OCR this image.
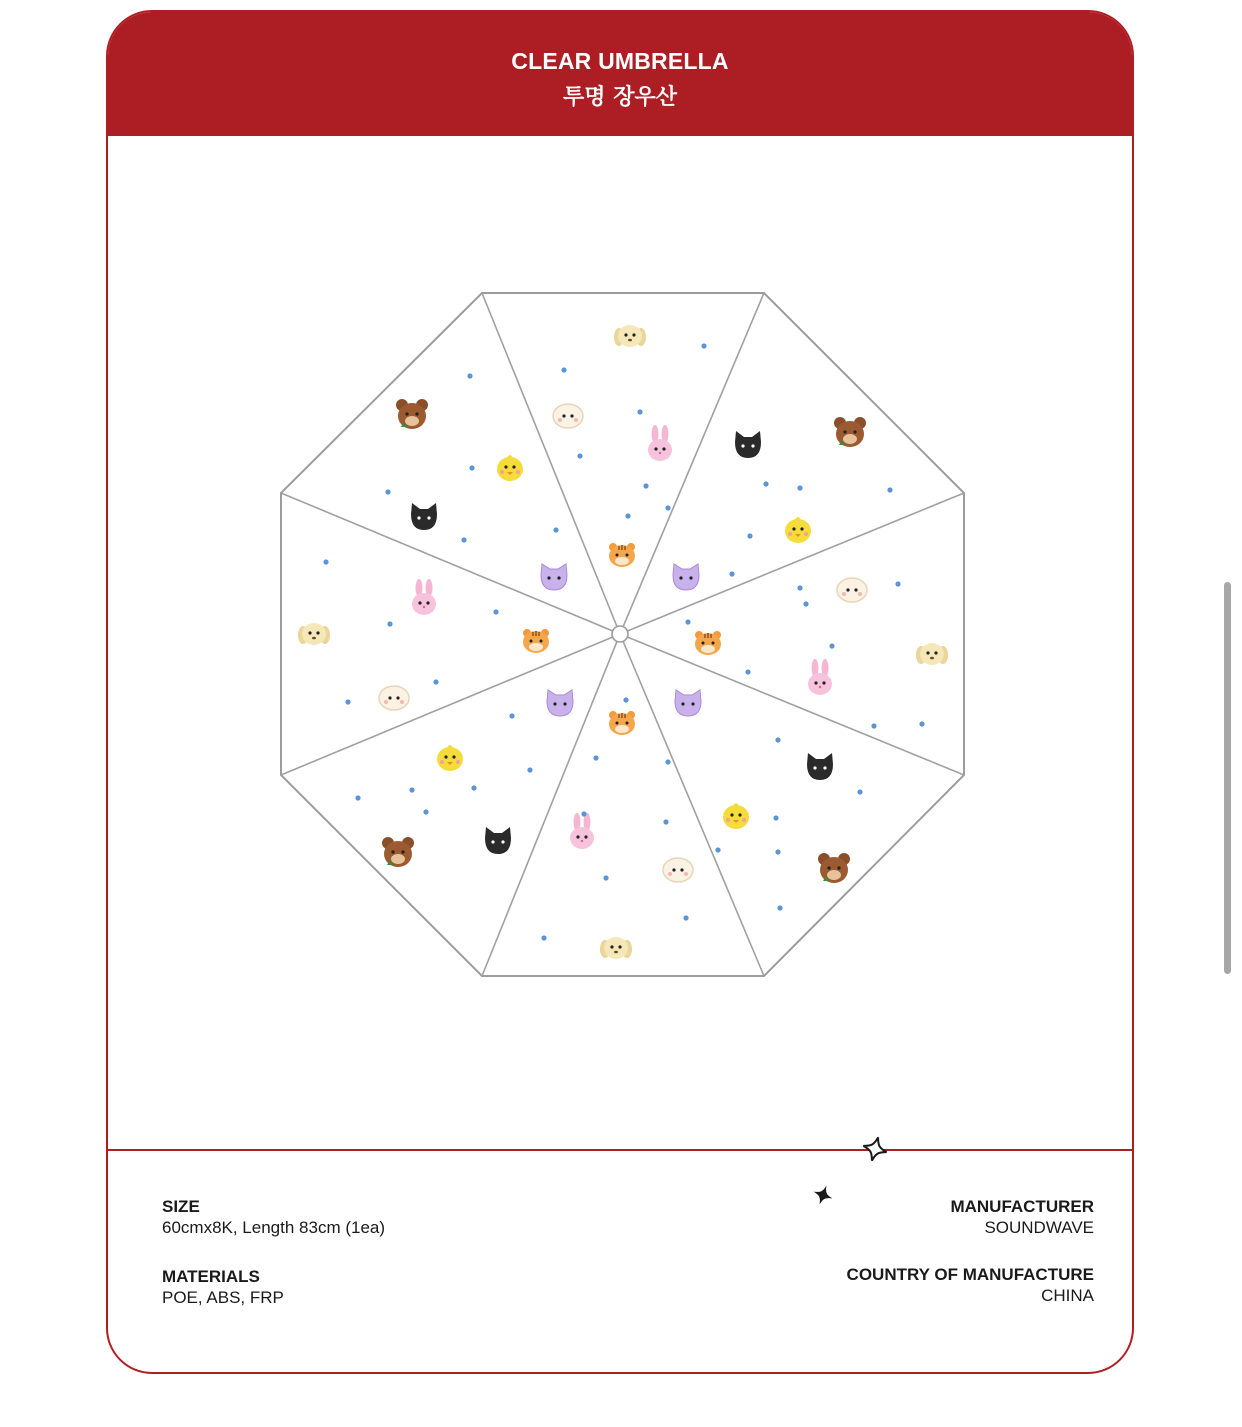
CLEAR UMBRELLA
투명 장우산
SIZE
60cmx8K, Length 83cm (1ea)
MATERIALS
POE, ABS, FRP
MANUFACTURER
SOUNDWAVE
COUNTRY OF MANUFACTURE
CHINA
